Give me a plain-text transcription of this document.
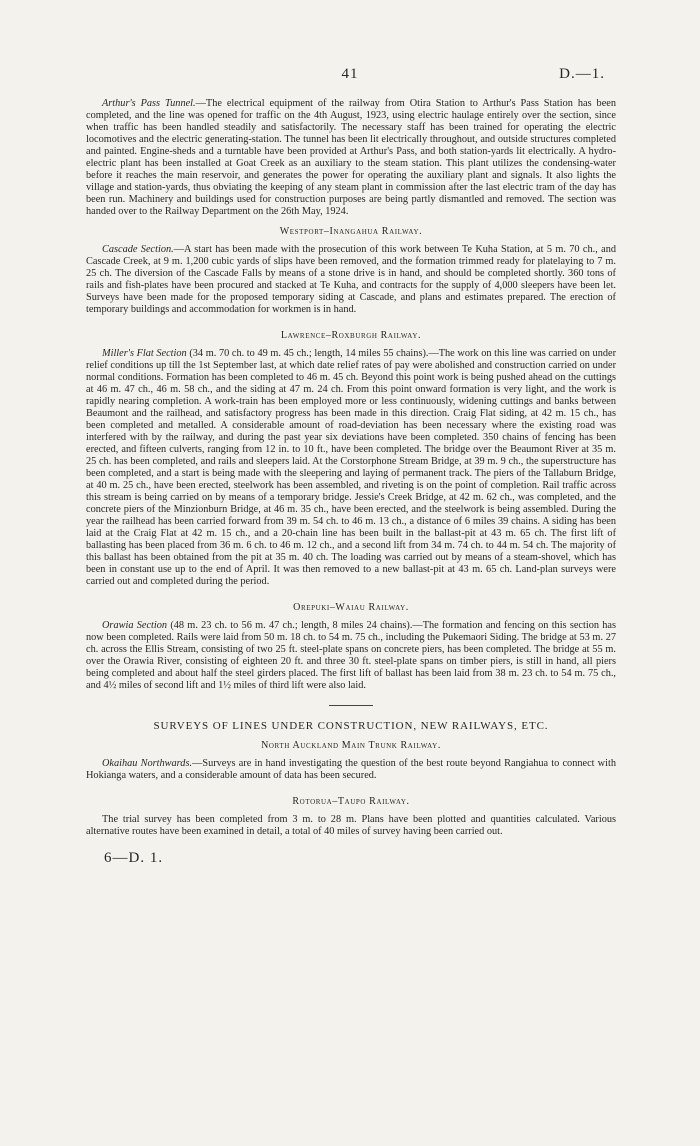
41	D.—1.

Arthur's Pass Tunnel.—The electrical equipment of the railway from Otira Station to Arthur's Pass Station has been completed, and the line was opened for traffic on the 4th August, 1923, using electric haulage entirely over the section, since when traffic has been handled steadily and satisfactorily. The necessary staff has been trained for operating the electric locomotives and the electric generating-station. The tunnel has been lit electrically throughout, and outside structures completed and painted. Engine-sheds and a turntable have been provided at Arthur's Pass, and both station-yards lit electrically. A hydro-electric plant has been installed at Goat Creek as an auxiliary to the steam station. This plant utilizes the condensing-water before it reaches the main reservoir, and generates the power for operating the auxiliary plant and signals. It also lights the village and station-yards, thus obviating the keeping of any steam plant in commission after the last electric tram of the day has been run. Machinery and buildings used for construction purposes are being partly dismantled and removed. The section was handed over to the Railway Department on the 26th May, 1924.

Westport–Inangahua Railway.

Cascade Section.—A start has been made with the prosecution of this work between Te Kuha Station, at 5 m. 70 ch., and Cascade Creek, at 9 m. 1,200 cubic yards of slips have been removed, and the formation trimmed ready for platelaying to 7 m. 25 ch. The diversion of the Cascade Falls by means of a stone drive is in hand, and should be completed shortly. 360 tons of rails and fish-plates have been procured and stacked at Te Kuha, and contracts for the supply of 4,000 sleepers have been let. Surveys have been made for the proposed temporary siding at Cascade, and plans and estimates prepared. The erection of temporary buildings and accommodation for workmen is in hand.

Lawrence–Roxburgh Railway.

Miller's Flat Section (34 m. 70 ch. to 49 m. 45 ch.; length, 14 miles 55 chains).—The work on this line was carried on under relief conditions up till the 1st September last, at which date relief rates of pay were abolished and construction carried on under normal conditions. Formation has been completed to 46 m. 45 ch. Beyond this point work is being pushed ahead on the cuttings at 46 m. 47 ch., 46 m. 58 ch., and the siding at 47 m. 24 ch. From this point onward formation is very light, and the work is rapidly nearing completion. A work-train has been employed more or less continuously, widening cuttings and banks between Beaumont and the railhead, and satisfactory progress has been made in this direction. Craig Flat siding, at 42 m. 15 ch., has been completed and metalled. A considerable amount of road-deviation has been necessary where the existing road was interfered with by the railway, and during the past year six deviations have been completed. 350 chains of fencing has been erected, and fifteen culverts, ranging from 12 in. to 10 ft., have been completed. The bridge over the Beaumont River at 35 m. 25 ch. has been completed, and rails and sleepers laid. At the Corstorphone Stream Bridge, at 39 m. 9 ch., the superstructure has been completed, and a start is being made with the sleepering and laying of permanent track. The piers of the Tallaburn Bridge, at 40 m. 25 ch., have been erected, steelwork has been assembled, and riveting is on the point of completion. Rail traffic across this stream is being carried on by means of a temporary bridge. Jessie's Creek Bridge, at 42 m. 62 ch., was completed, and the concrete piers of the Minzionburn Bridge, at 46 m. 35 ch., have been erected, and the steelwork is being assembled. During the year the railhead has been carried forward from 39 m. 54 ch. to 46 m. 13 ch., a distance of 6 miles 39 chains. A siding has been laid at the Craig Flat at 42 m. 15 ch., and a 20-chain line has been built in the ballast-pit at 43 m. 65 ch. The first lift of ballasting has been placed from 36 m. 6 ch. to 46 m. 12 ch., and a second lift from 34 m. 74 ch. to 44 m. 54 ch. The majority of this ballast has been obtained from the pit at 35 m. 40 ch. The loading was carried out by means of a steam-shovel, which has been in constant use up to the end of April. It was then removed to a new ballast-pit at 43 m. 65 ch. Land-plan surveys were carried out and completed during the period.

Orepuki–Waiau Railway.

Orawia Section (48 m. 23 ch. to 56 m. 47 ch.; length, 8 miles 24 chains).—The formation and fencing on this section has now been completed. Rails were laid from 50 m. 18 ch. to 54 m. 75 ch., including the Pukemaori Siding. The bridge at 53 m. 27 ch. across the Ellis Stream, consisting of two 25 ft. steel-plate spans on concrete piers, has been completed. The bridge at 55 m. over the Orawia River, consisting of eighteen 20 ft. and three 30 ft. steel-plate spans on timber piers, is still in hand, all piers being completed and about half the steel girders placed. The first lift of ballast has been laid from 38 m. 23 ch. to 54 m. 75 ch., and 4½ miles of second lift and 1½ miles of third lift were also laid.

SURVEYS OF LINES UNDER CONSTRUCTION, NEW RAILWAYS, ETC.
North Auckland Main Trunk Railway.

Okaihau Northwards.—Surveys are in hand investigating the question of the best route beyond Rangiahua to connect with Hokianga waters, and a considerable amount of data has been secured.

Rotorua–Taupo Railway.

The trial survey has been completed from 3 m. to 28 m. Plans have been plotted and quantities calculated. Various alternative routes have been examined in detail, a total of 40 miles of survey having been carried out.

6—D. 1.
